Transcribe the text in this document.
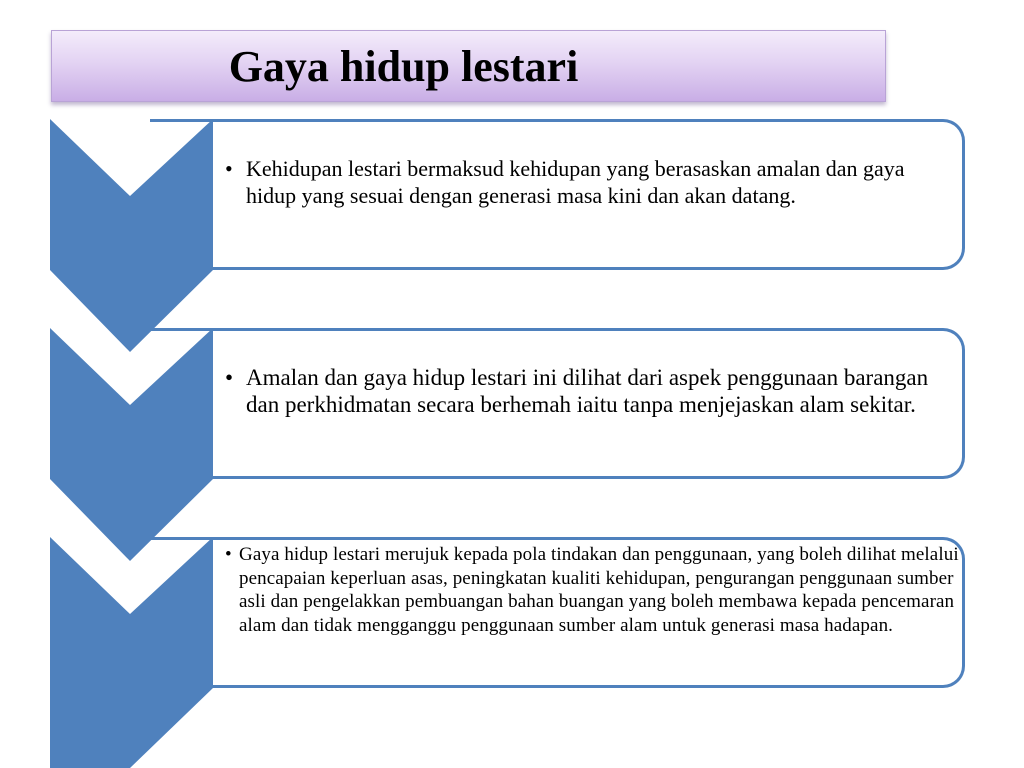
Gaya hidup lestari
• Kehidupan lestari bermaksud kehidupan yang berasaskan amalan dan gaya hidup yang sesuai dengan generasi masa kini dan akan datang.
• Amalan dan gaya hidup lestari ini dilihat dari aspek penggunaan barangan dan perkhidmatan secara berhemah iaitu tanpa menjejaskan alam sekitar.
• Gaya hidup lestari merujuk kepada pola tindakan dan penggunaan, yang boleh dilihat melalui pencapaian keperluan asas, peningkatan kualiti kehidupan, pengurangan penggunaan sumber asli dan pengelakkan pembuangan bahan buangan yang boleh membawa kepada pencemaran alam dan tidak mengganggu penggunaan sumber alam untuk generasi masa hadapan.
